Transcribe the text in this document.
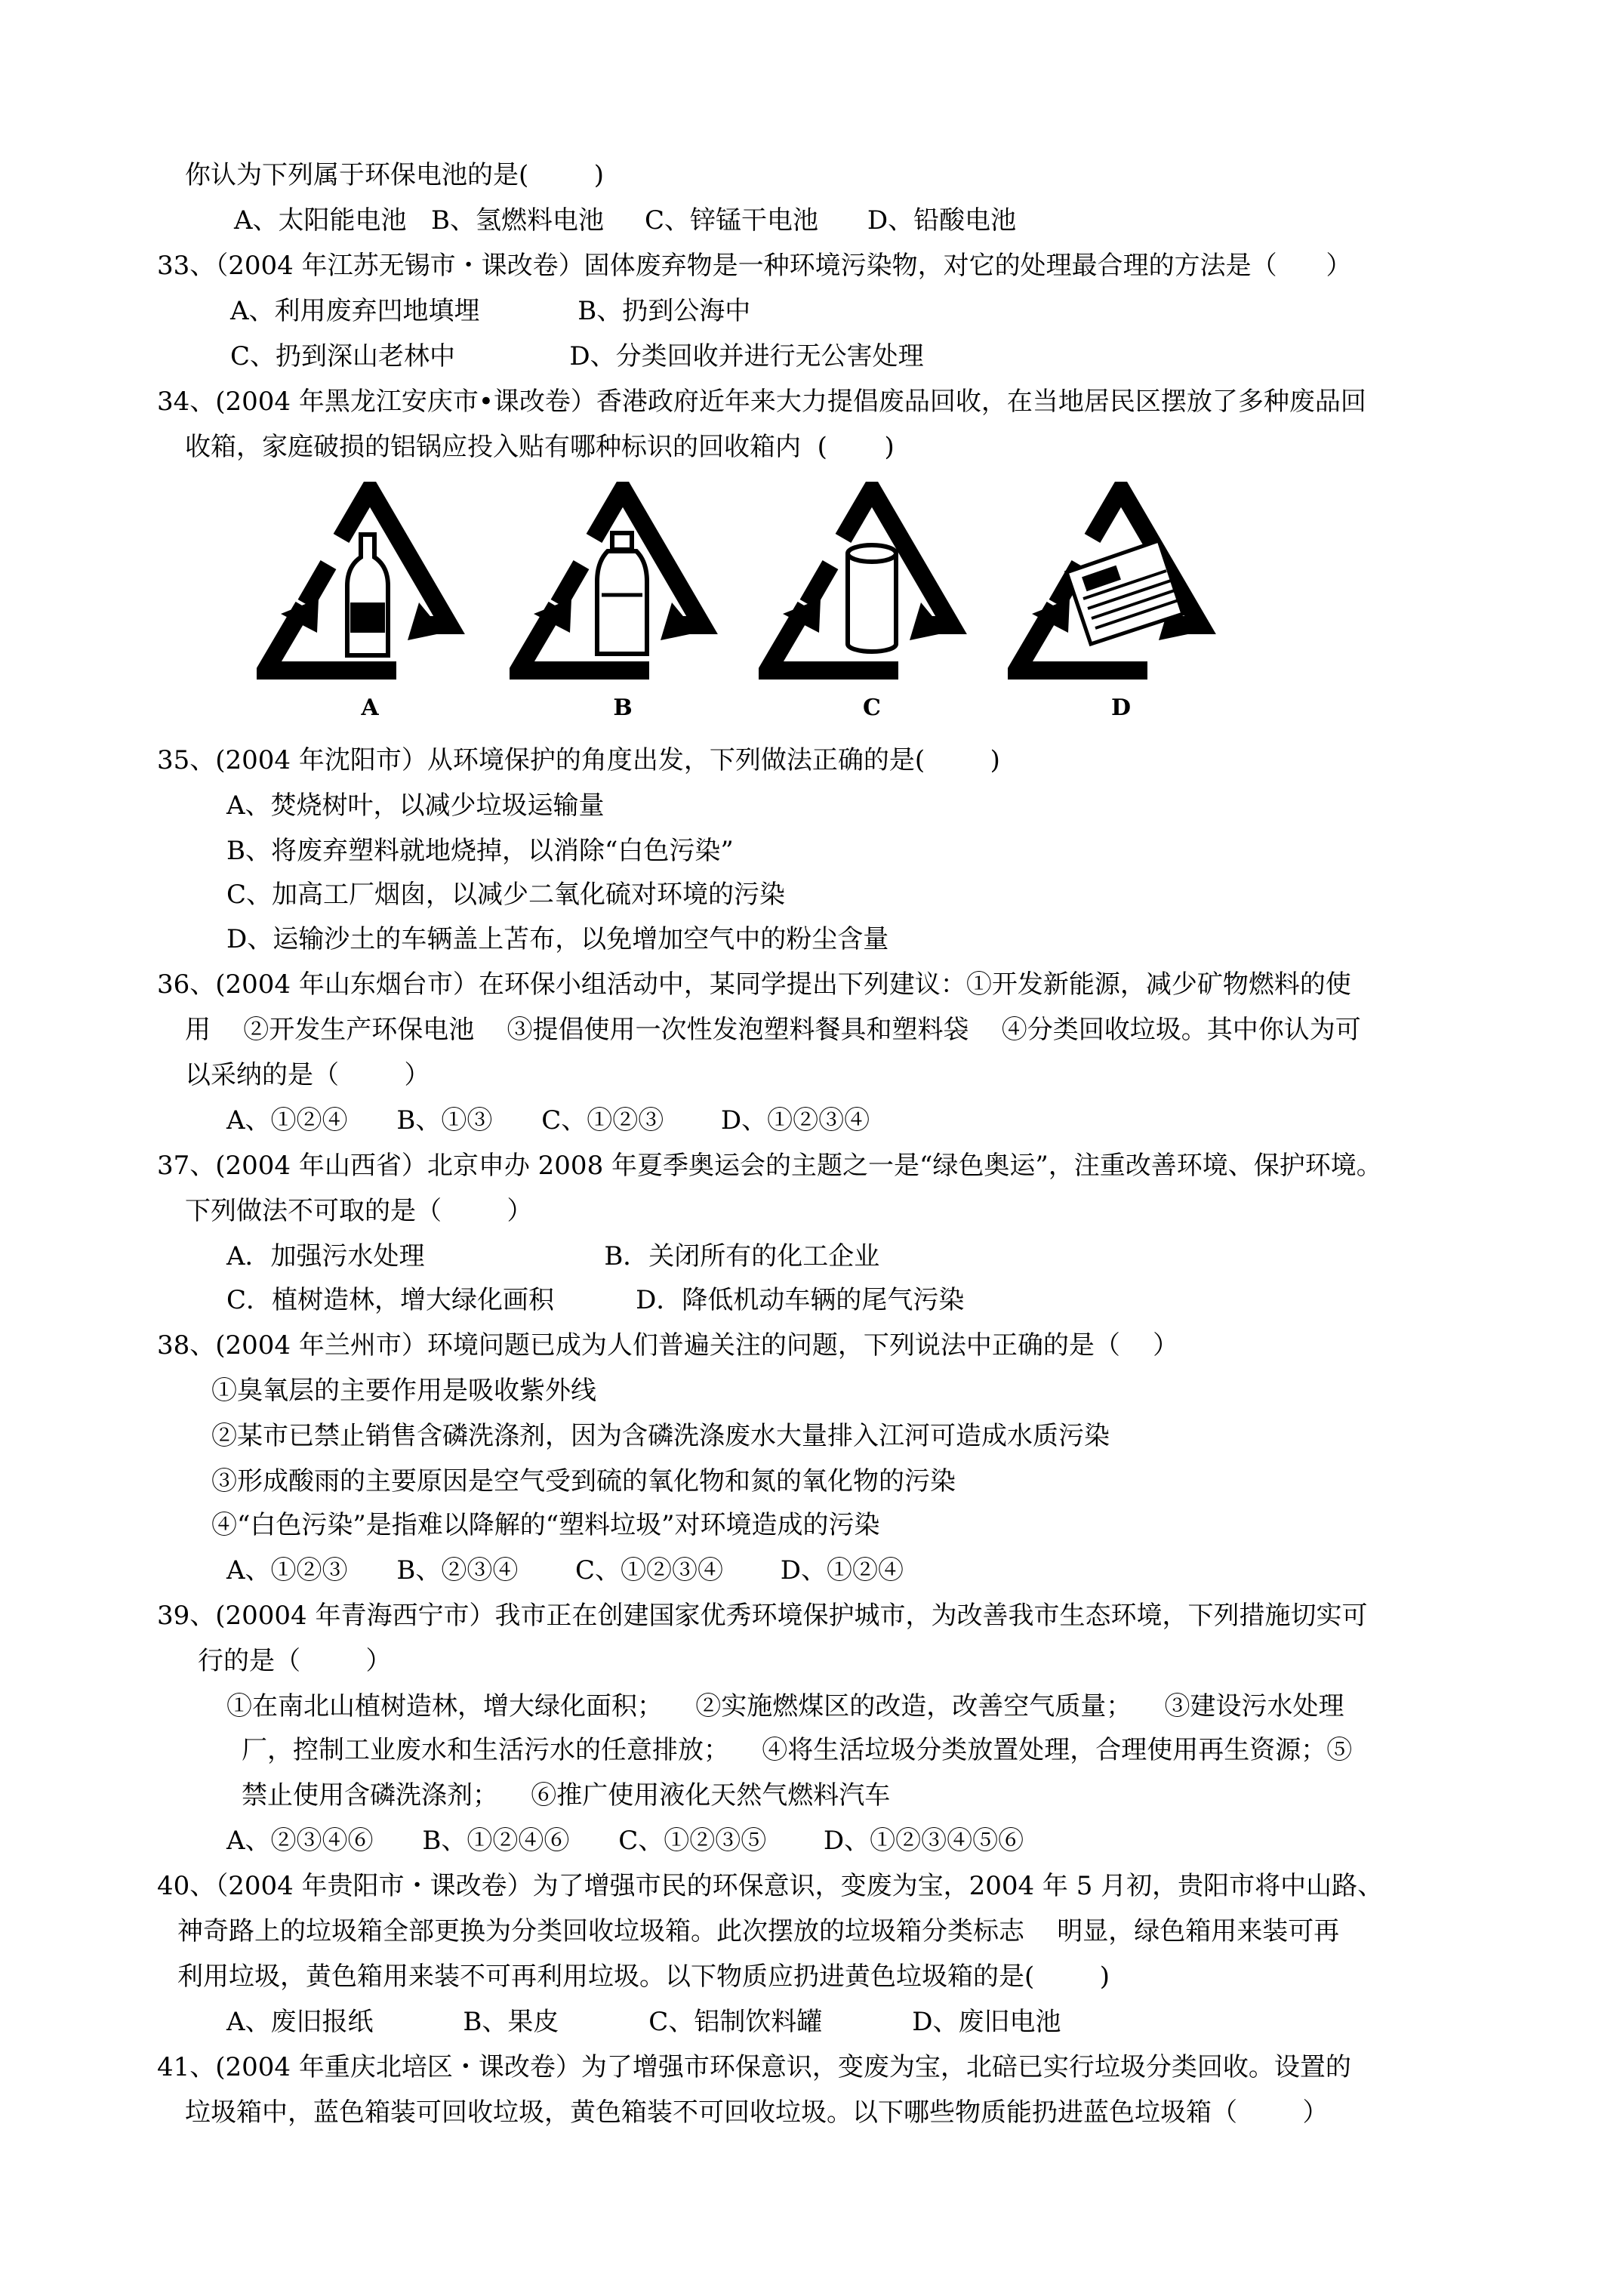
你认为下列属于环保电池的是(        )
A、太阳能电池   B、氢燃料电池     C、锌锰干电池      D、铅酸电池
33、（2004 年江苏无锡市・课改卷）固体废弃物是一种环境污染物，对它的处理最合理的方法是（      ）
A、利用废弃凹地填埋            B、扔到公海中
C、扔到深山老林中              D、分类回收并进行无公害处理
34、(2004 年黑龙江安庆市•课改卷）香港政府近年来大力提倡废品回收，在当地居民区摆放了多种废品回
收箱，家庭破损的铝锅应投入贴有哪种标识的回收箱内  (       )
A	B	C	D
35、(2004 年沈阳市）从环境保护的角度出发，下列做法正确的是(        )
A、焚烧树叶，以减少垃圾运输量
B、将废弃塑料就地烧掉，以消除“白色污染”
C、加高工厂烟囱，以减少二氧化硫对环境的污染
D、运输沙土的车辆盖上苫布，以免增加空气中的粉尘含量
36、(2004 年山东烟台市）在环保小组活动中，某同学提出下列建议：①开发新能源，减少矿物燃料的使
用    ②开发生产环保电池    ③提倡使用一次性发泡塑料餐具和塑料袋    ④分类回收垃圾。其中你认为可
以采纳的是（        ）
A、①②④      B、①③      C、①②③       D、①②③④
37、(2004 年山西省）北京申办 2008 年夏季奥运会的主题之一是“绿色奥运”，注重改善环境、保护环境。
下列做法不可取的是（        ）
A．加强污水处理                      B．关闭所有的化工企业
C．植树造林，增大绿化画积          D．降低机动车辆的尾气污染
38、(2004 年兰州市）环境问题已成为人们普遍关注的问题，下列说法中正确的是（    ）
①臭氧层的主要作用是吸收紫外线
②某市已禁止销售含磷洗涤剂，因为含磷洗涤废水大量排入江河可造成水质污染
③形成酸雨的主要原因是空气受到硫的氧化物和氮的氧化物的污染
④“白色污染”是指难以降解的“塑料垃圾”对环境造成的污染
A、①②③      B、②③④       C、①②③④       D、①②④
39、(20004 年青海西宁市）我市正在创建国家优秀环境保护城市，为改善我市生态环境，下列措施切实可
行的是（        ）
①在南北山植树造林，增大绿化面积；    ②实施燃煤区的改造，改善空气质量；    ③建设污水处理
厂，控制工业废水和生活污水的任意排放；    ④将生活垃圾分类放置处理，合理使用再生资源；⑤
禁止使用含磷洗涤剂；    ⑥推广使用液化天然气燃料汽车
A、②③④⑥      B、①②④⑥      C、①②③⑤       D、①②③④⑤⑥
40、（2004 年贵阳市・课改卷）为了增强市民的环保意识，变废为宝，2004 年 5 月初，贵阳市将中山路、
神奇路上的垃圾箱全部更换为分类回收垃圾箱。此次摆放的垃圾箱分类标志    明显，绿色箱用来装可再
利用垃圾，黄色箱用来装不可再利用垃圾。以下物质应扔进黄色垃圾箱的是(        )
A、废旧报纸           B、果皮           C、铝制饮料罐           D、废旧电池
41、(2004 年重庆北培区・课改卷）为了增强市环保意识，变废为宝，北碚已实行垃圾分类回收。设置的
垃圾箱中，蓝色箱装可回收垃圾，黄色箱装不可回收垃圾。以下哪些物质能扔进蓝色垃圾箱（        ）
